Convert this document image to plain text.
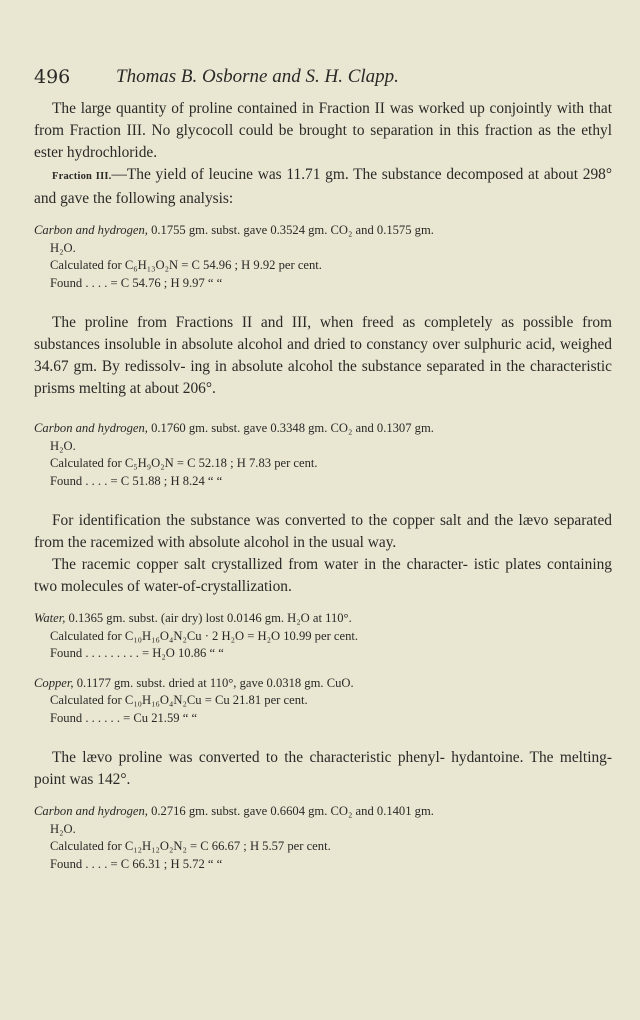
496 Thomas B. Osborne and S. H. Clapp.

The large quantity of proline contained in Fraction II was worked up conjointly with that from Fraction III. No glycocoll could be brought to separation in this fraction as the ethyl ester hydrochloride.

Fraction III.—The yield of leucine was 11.71 gm. The substance decomposed at about 298° and gave the following analysis:

Carbon and hydrogen, 0.1755 gm. subst. gave 0.3524 gm. CO₂ and 0.1575 gm.
H₂O.
Calculated for C₆H₁₃O₂N = C 54.96 ; H 9.92 per cent.
Found . . . . = C 54.76 ; H 9.97 “ “

The proline from Fractions II and III, when freed as completely as possible from substances insoluble in absolute alcohol and dried to constancy over sulphuric acid, weighed 34.67 gm. By redissolv- ing in absolute alcohol the substance separated in the characteristic prisms melting at about 206°.

Carbon and hydrogen, 0.1760 gm. subst. gave 0.3348 gm. CO₂ and 0.1307 gm.
H₂O.
Calculated for C₅H₉O₂N = C 52.18 ; H 7.83 per cent.
Found . . . . = C 51.88 ; H 8.24 “ “

For identification the substance was converted to the copper salt and the lævo separated from the racemized with absolute alcohol in the usual way.

The racemic copper salt crystallized from water in the character- istic plates containing two molecules of water-of-crystallization.

Water, 0.1365 gm. subst. (air dry) lost 0.0146 gm. H₂O at 110°.
Calculated for C₁₀H₁₆O₄N₂Cu · 2 H₂O = H₂O 10.99 per cent.
Found . . . . . . . . . = H₂O 10.86 “ “
Copper, 0.1177 gm. subst. dried at 110°, gave 0.0318 gm. CuO.
Calculated for C₁₀H₁₆O₄N₂Cu = Cu 21.81 per cent.
Found . . . . . . = Cu 21.59 “ “

The lævo proline was converted to the characteristic phenyl- hydantoine. The melting-point was 142°.

Carbon and hydrogen, 0.2716 gm. subst. gave 0.6604 gm. CO₂ and 0.1401 gm.
H₂O.
Calculated for C₁₂H₁₂O₂N₂ = C 66.67 ; H 5.57 per cent.
Found . . . . = C 66.31 ; H 5.72 “ “
